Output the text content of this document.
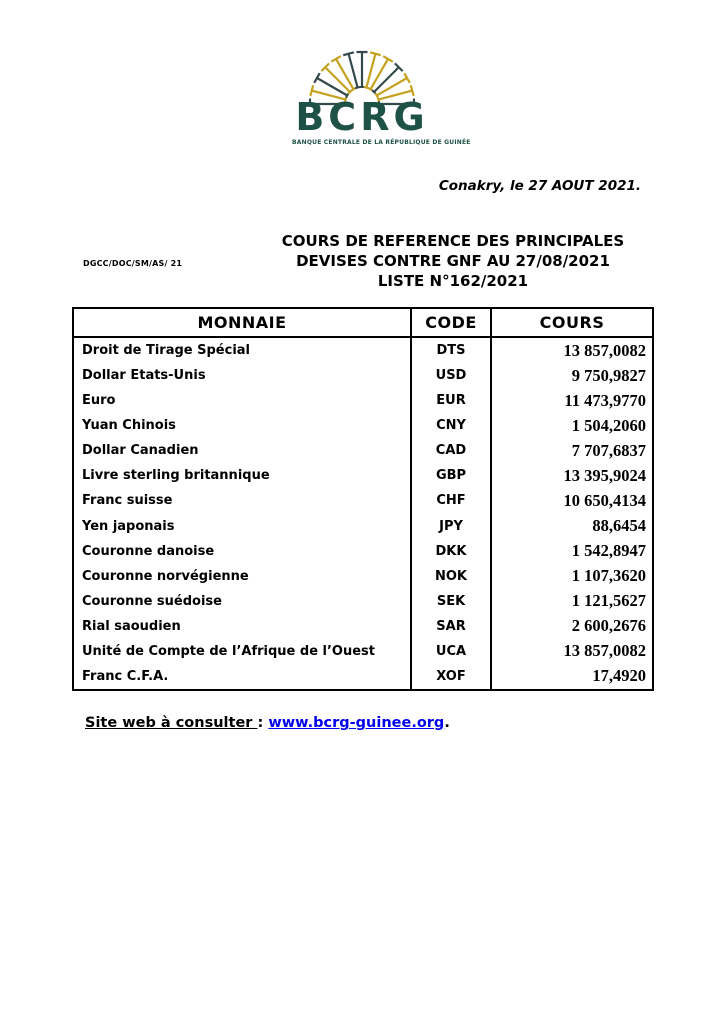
BCRG
BANQUE CENTRALE DE LA RÉPUBLIQUE DE GUINÉE
Conakry, le 27 AOUT 2021.
DGCC/DOC/SM/AS/ 21
COURS DE REFERENCE DES PRINCIPALES
DEVISES CONTRE GNF AU 27/08/2021
LISTE N°162/2021
MONNAIE	CODE	COURS
Droit de Tirage Spécial	DTS	13 857,0082
Dollar Etats-Unis	USD	9 750,9827
Euro	EUR	11 473,9770
Yuan Chinois	CNY	1 504,2060
Dollar Canadien	CAD	7 707,6837
Livre sterling britannique	GBP	13 395,9024
Franc suisse	CHF	10 650,4134
Yen japonais	JPY	88,6454
Couronne danoise	DKK	1 542,8947
Couronne norvégienne	NOK	1 107,3620
Couronne suédoise	SEK	1 121,5627
Rial saoudien	SAR	2 600,2676
Unité de Compte de l’Afrique de l’Ouest	UCA	13 857,0082
Franc C.F.A.	XOF	17,4920
Site web à consulter : www.bcrg-guinee.org.
